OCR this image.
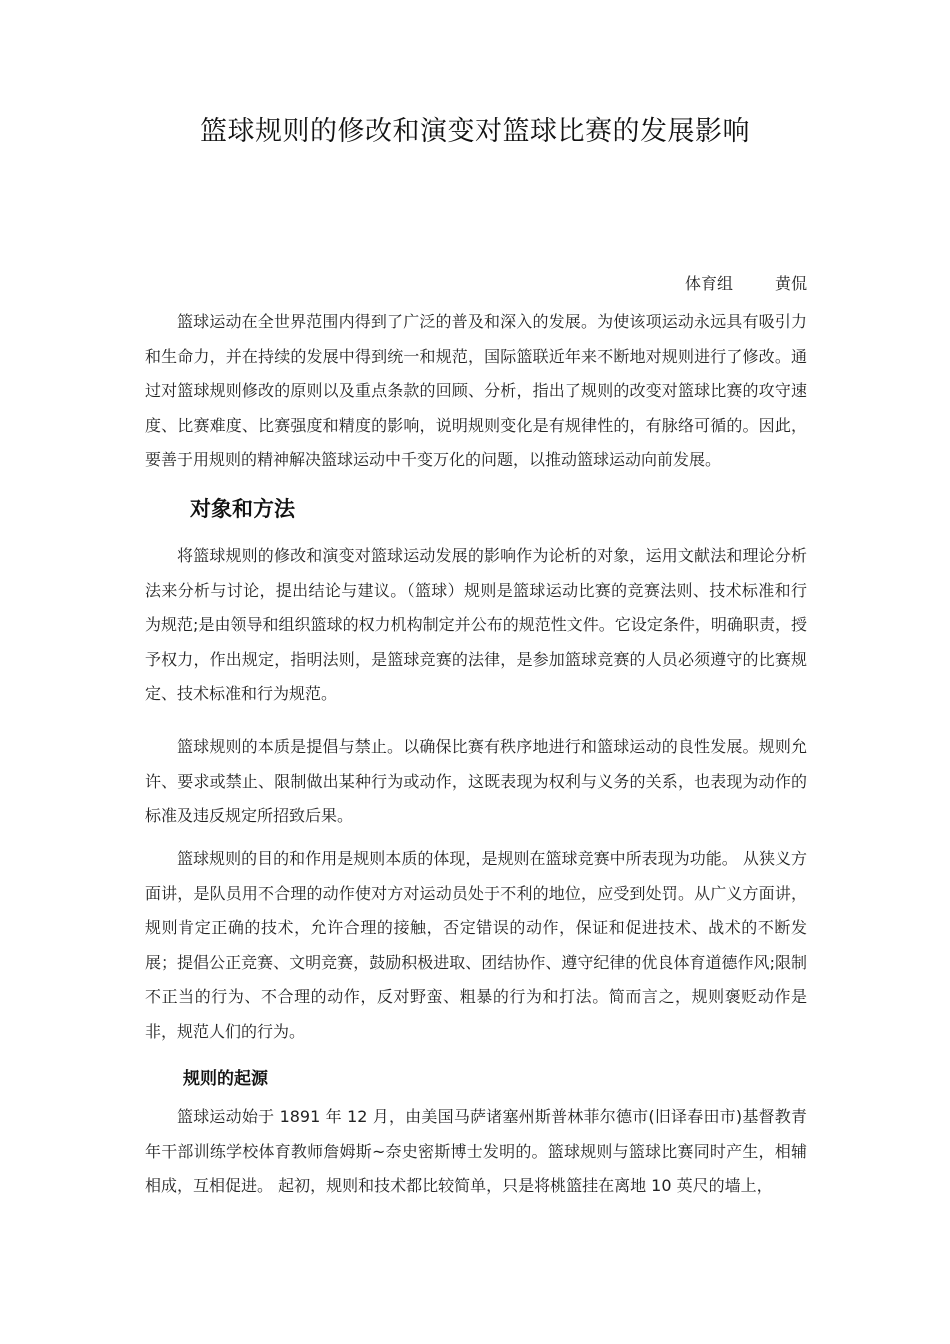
篮球规则的修改和演变对篮球比赛的发展影响
体育组	黄侃

篮球运动在全世界范围内得到了广泛的普及和深入的发展。为使该项运动永远具有吸引力和生命力，并在持续的发展中得到统一和规范，国际篮联近年来不断地对规则进行了修改。通过对篮球规则修改的原则以及重点条款的回顾、分析，指出了规则的改变对篮球比赛的攻守速度、比赛难度、比赛强度和精度的影响，说明规则变化是有规律性的，有脉络可循的。因此，要善于用规则的精神解决篮球运动中千变万化的问题，以推动篮球运动向前发展。

对象和方法

将篮球规则的修改和演变对篮球运动发展的影响作为论析的对象，运用文献法和理论分析法来分析与讨论，提出结论与建议。（篮球）规则是篮球运动比赛的竞赛法则、技术标准和行为规范;是由领导和组织篮球的权力机构制定并公布的规范性文件。它设定条件，明确职责，授予权力，作出规定，指明法则，是篮球竞赛的法律，是参加篮球竞赛的人员必须遵守的比赛规定、技术标准和行为规范。

篮球规则的本质是提倡与禁止。以确保比赛有秩序地进行和篮球运动的良性发展。规则允许、要求或禁止、限制做出某种行为或动作，这既表现为权利与义务的关系，也表现为动作的标准及违反规定所招致后果。

篮球规则的目的和作用是规则本质的体现，是规则在篮球竞赛中所表现为功能。 从狭义方面讲，是队员用不合理的动作使对方对运动员处于不利的地位，应受到处罚。从广义方面讲，规则肯定正确的技术，允许合理的接触，否定错误的动作，保证和促进技术、战术的不断发展；提倡公正竞赛、文明竞赛，鼓励积极进取、团结协作、遵守纪律的优良体育道德作风;限制不正当的行为、不合理的动作，反对野蛮、粗暴的行为和打法。简而言之，规则褒贬动作是非，规范人们的行为。

规则的起源

篮球运动始于 1891 年 12 月，由美国马萨诸塞州斯普林菲尔德市(旧译春田市)基督教青年干部训练学校体育教师詹姆斯~奈史密斯博士发明的。篮球规则与篮球比赛同时产生，相辅相成，互相促进。 起初，规则和技术都比较简单，只是将桃篮挂在离地 10 英尺的墙上，
